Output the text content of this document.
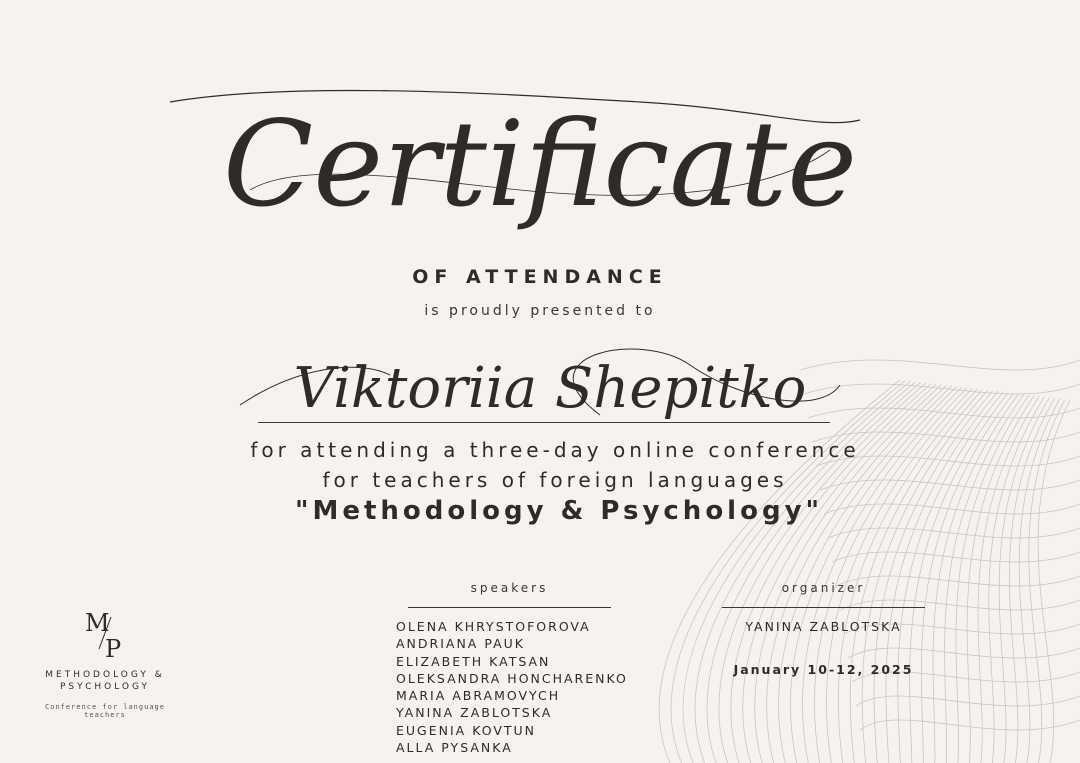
Certificate
OF ATTENDANCE
is proudly presented to
Viktoriia Shepitko
for attending a three-day online conference
for teachers of foreign languages
"Methodology & Psychology"
M
P
METHODOLOGY &
PSYCHOLOGY
Conference for language
teachers
speakers
OLENA KHRYSTOFOROVA
ANDRIANA PAUK
ELIZABETH KATSAN
OLEKSANDRA HONCHARENKO
MARIA ABRAMOVYCH
YANINA ZABLOTSKA
EUGENIA KOVTUN
ALLA PYSANKA
organizer
YANINA ZABLOTSKA
January 10-12, 2025
